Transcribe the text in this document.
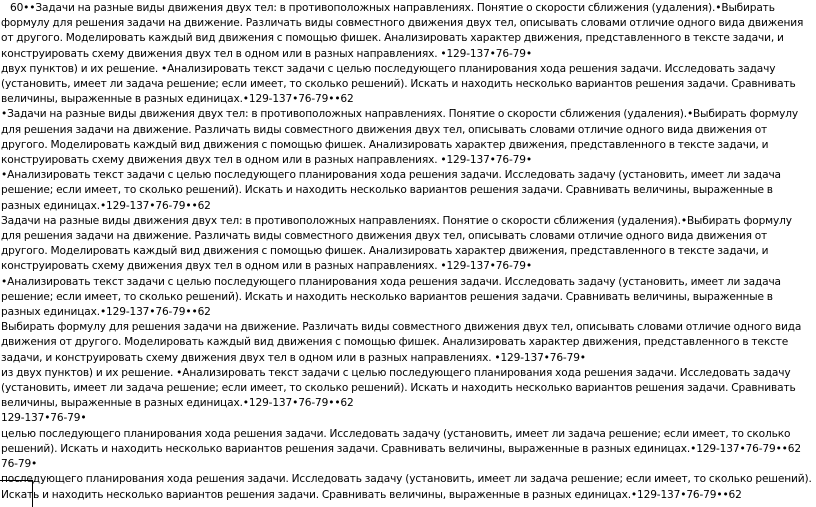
60••Задачи на разные виды движения двух тел: в противоположных направлениях. Понятие о скорости сближения (удаления).•Выбирать формулу для решения задачи на движение. Различать виды совместного движения двух тел, описывать словами отличие одного вида движения от другого. Моделировать каждый вид движения с помощью фишек. Анализировать характер движения, представленного в тексте задачи, и конструировать схему движения двух тел в одном или в разных направлениях. •129-137•76-79•

двух пунктов) и их решение. •Анализировать текст задачи с целью последующего планирования хода решения задачи. Исследовать задачу (установить, имеет ли задача решение; если имеет, то сколько решений). Искать и находить несколько вариантов решения задачи. Сравнивать величины, выраженные в разных единицах.•129-137•76-79••62

•Задачи на разные виды движения двух тел: в противоположных направлениях. Понятие о скорости сближения (удаления).•Выбирать формулу для решения задачи на движение. Различать виды совместного движения двух тел, описывать словами отличие одного вида движения от другого. Моделировать каждый вид движения с помощью фишек. Анализировать характер движения, представленного в тексте задачи, и конструировать схему движения двух тел в одном или в разных направлениях. •129-137•76-79•

•Анализировать текст задачи с целью последующего планирования хода решения задачи. Исследовать задачу (установить, имеет ли задача решение; если имеет, то сколько решений). Искать и находить несколько вариантов решения задачи. Сравнивать величины, выраженные в разных единицах.•129-137•76-79••62

Задачи на разные виды движения двух тел: в противоположных направлениях. Понятие о скорости сближения (удаления).•Выбирать формулу для решения задачи на движение. Различать виды совместного движения двух тел, описывать словами отличие одного вида движения от другого. Моделировать каждый вид движения с помощью фишек. Анализировать характер движения, представленного в тексте задачи, и конструировать схему движения двух тел в одном или в разных направлениях. •129-137•76-79•

•Анализировать текст задачи с целью последующего планирования хода решения задачи. Исследовать задачу (установить, имеет ли задача решение; если имеет, то сколько решений). Искать и находить несколько вариантов решения задачи. Сравнивать величины, выраженные в разных единицах.•129-137•76-79••62

Выбирать формулу для решения задачи на движение. Различать виды совместного движения двух тел, описывать словами отличие одного вида движения от другого. Моделировать каждый вид движения с помощью фишек. Анализировать характер движения, представленного в тексте задачи, и конструировать схему движения двух тел в одном или в разных направлениях. •129-137•76-79•

из двух пунктов) и их решение. •Анализировать текст задачи с целью последующего планирования хода решения задачи. Исследовать задачу (установить, имеет ли задача решение; если имеет, то сколько решений). Искать и находить несколько вариантов решения задачи. Сравнивать величины, выраженные в разных единицах.•129-137•76-79••62

129-137•76-79•

целью последующего планирования хода решения задачи. Исследовать задачу (установить, имеет ли задача решение; если имеет, то сколько решений). Искать и находить несколько вариантов решения задачи. Сравнивать величины, выраженные в разных единицах.•129-137•76-79••62

76-79•

последующего планирования хода решения задачи. Исследовать задачу (установить, имеет ли задача решение; если имеет, то сколько решений). Искать и находить несколько вариантов решения задачи. Сравнивать величины, выраженные в разных единицах.•129-137•76-79••62
